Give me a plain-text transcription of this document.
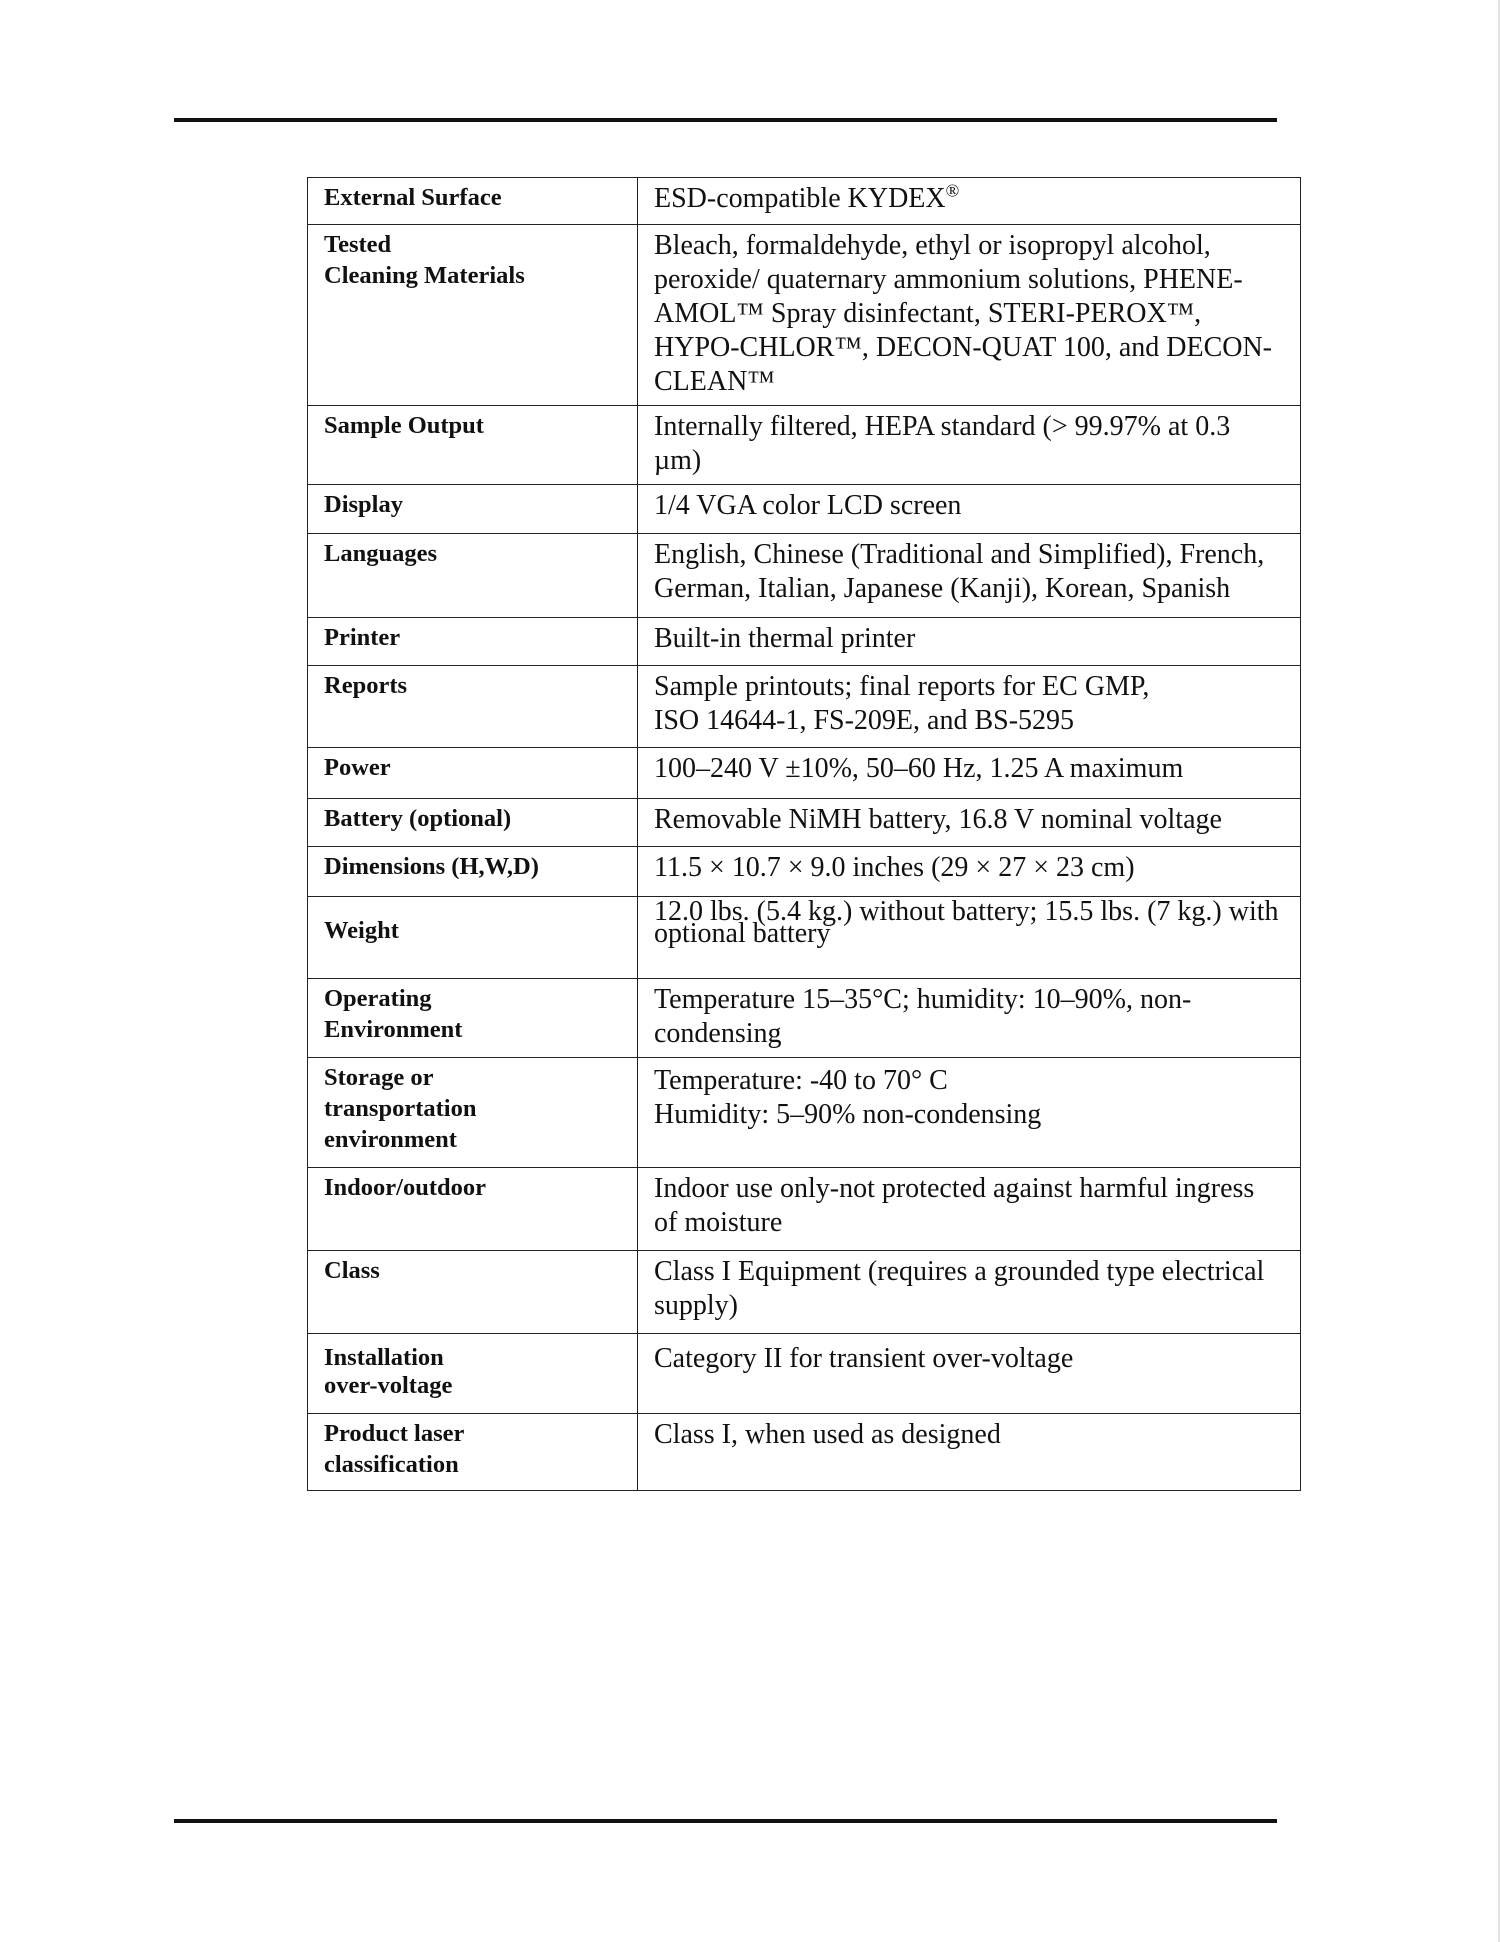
External Surface	ESD-compatible KYDEX®
Tested
Cleaning Materials	Bleach, formaldehyde, ethyl or isopropyl alcohol, peroxide/ quaternary ammonium solutions, PHENE-AMOL™ Spray disinfectant, STERI-PEROX™, HYPO-CHLOR™, DECON-QUAT 100, and DECON-CLEAN™
Sample Output	Internally filtered, HEPA standard (> 99.97% at 0.3 µm)
Display	1/4 VGA color LCD screen
Languages	English, Chinese (Traditional and Simplified), French, German, Italian, Japanese (Kanji), Korean, Spanish
Printer	Built-in thermal printer
Reports	Sample printouts; final reports for EC GMP,
ISO 14644-1, FS-209E, and BS-5295
Power	100–240 V ±10%, 50–60 Hz, 1.25 A maximum
Battery (optional)	Removable NiMH battery, 16.8 V nominal voltage
Dimensions (H,W,D)	11.5 × 10.7 × 9.0 inches (29 × 27 × 23 cm)
Weight	12.0 lbs. (5.4 kg.) without battery; 15.5 lbs. (7 kg.) with optional battery
Operating
Environment	Temperature 15–35°C; humidity: 10–90%, non-condensing
Storage or
transportation
environment	Temperature: -40 to 70° C
Humidity: 5–90% non-condensing
Indoor/outdoor	Indoor use only-not protected against harmful ingress of moisture
Class	Class I Equipment (requires a grounded type electrical supply)
Installation
over-voltage	Category II for transient over-voltage
Product laser
classification	Class I, when used as designed
